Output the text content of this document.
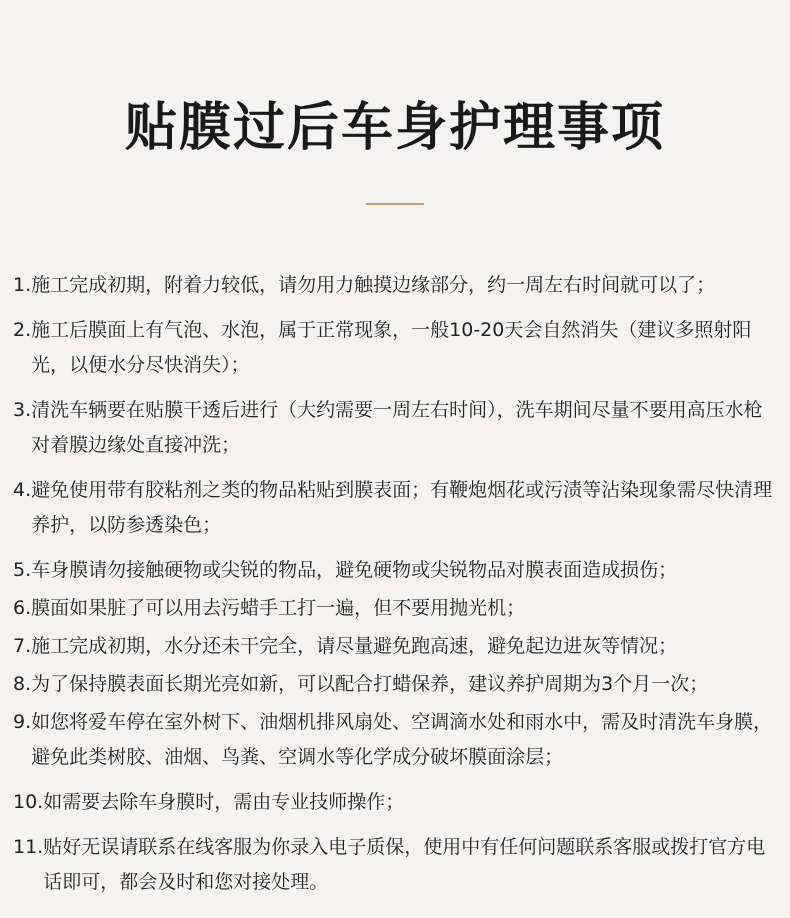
贴膜过后车身护理事项
1. 施工完成初期，附着力较低，请勿用力触摸边缘部分，约一周左右时间就可以了；
2. 施工后膜面上有气泡、水泡，属于正常现象，一般10-20天会自然消失（建议多照射阳光，以便水分尽快消失）；
3. 清洗车辆要在贴膜干透后进行（大约需要一周左右时间），洗车期间尽量不要用高压水枪对着膜边缘处直接冲洗；
4. 避免使用带有胶粘剂之类的物品粘贴到膜表面；有鞭炮烟花或污渍等沾染现象需尽快清理养护，以防参透染色；
5. 车身膜请勿接触硬物或尖锐的物品，避免硬物或尖锐物品对膜表面造成损伤；
6. 膜面如果脏了可以用去污蜡手工打一遍，但不要用抛光机；
7. 施工完成初期，水分还未干完全，请尽量避免跑高速，避免起边进灰等情况；
8. 为了保持膜表面长期光亮如新，可以配合打蜡保养，建议养护周期为3个月一次；
9. 如您将爱车停在室外树下、油烟机排风扇处、空调滴水处和雨水中，需及时清洗车身膜，避免此类树胶、油烟、鸟粪、空调水等化学成分破坏膜面涂层；
10. 如需要去除车身膜时，需由专业技师操作；
11. 贴好无误请联系在线客服为你录入电子质保，使用中有任何问题联系客服或拨打官方电话即可，都会及时和您对接处理。
